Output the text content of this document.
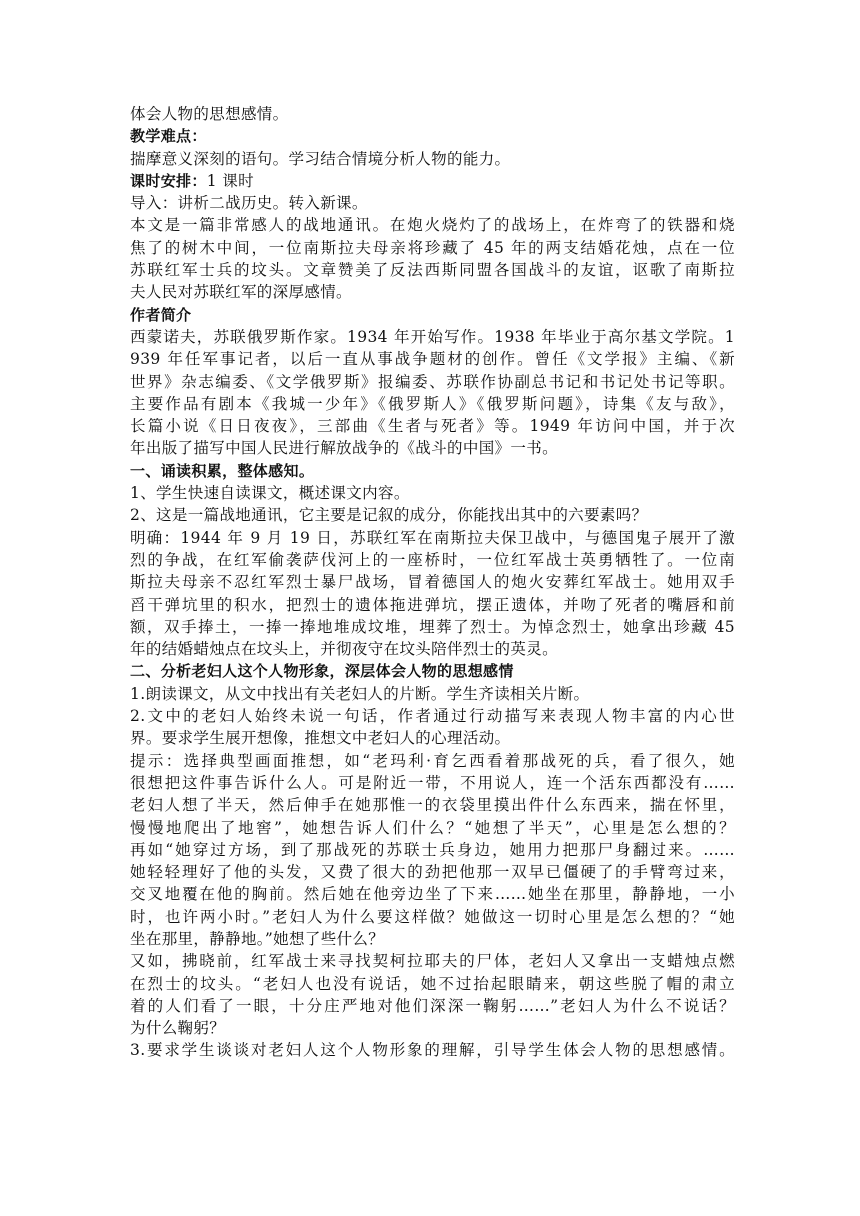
体会人物的思想感情。
教学难点：
揣摩意义深刻的语句。学习结合情境分析人物的能力。
课时安排：1 课时
导入：讲析二战历史。转入新课。
本文是一篇非常感人的战地通讯。在炮火烧灼了的战场上，在炸弯了的铁器和烧
焦了的树木中间，一位南斯拉夫母亲将珍藏了 45 年的两支结婚花烛，点在一位
苏联红军士兵的坟头。文章赞美了反法西斯同盟各国战斗的友谊，讴歌了南斯拉
夫人民对苏联红军的深厚感情。
作者简介
西蒙诺夫，苏联俄罗斯作家。1934 年开始写作。1938 年毕业于高尔基文学院。1
939 年任军事记者，以后一直从事战争题材的创作。曾任《文学报》主编、《新
世界》杂志编委、《文学俄罗斯》报编委、苏联作协副总书记和书记处书记等职。
主要作品有剧本《我城一少年》《俄罗斯人》《俄罗斯问题》，诗集《友与敌》，
长篇小说《日日夜夜》，三部曲《生者与死者》等。1949 年访问中国，并于次
年出版了描写中国人民进行解放战争的《战斗的中国》一书。
一、诵读积累，整体感知。
1、学生快速自读课文，概述课文内容。
2、这是一篇战地通讯，它主要是记叙的成分，你能找出其中的六要素吗？
明确：1944 年 9 月 19 日，苏联红军在南斯拉夫保卫战中，与德国鬼子展开了激
烈的争战，在红军偷袭萨伐河上的一座桥时，一位红军战士英勇牺牲了。一位南
斯拉夫母亲不忍红军烈士暴尸战场，冒着德国人的炮火安葬红军战士。她用双手
舀干弹坑里的积水，把烈士的遗体拖进弹坑，摆正遗体，并吻了死者的嘴唇和前
额，双手捧土，一捧一捧地堆成坟堆，埋葬了烈士。为悼念烈士，她拿出珍藏 45
年的结婚蜡烛点在坟头上，并彻夜守在坟头陪伴烈士的英灵。
二、分析老妇人这个人物形象，深层体会人物的思想感情
1.朗读课文，从文中找出有关老妇人的片断。学生齐读相关片断。
2.文中的老妇人始终未说一句话，作者通过行动描写来表现人物丰富的内心世
界。要求学生展开想像，推想文中老妇人的心理活动。
提示：选择典型画面推想，如“老玛利·育乞西看着那战死的兵，看了很久，她
很想把这件事告诉什么人。可是附近一带，不用说人，连一个活东西都没有……
老妇人想了半天，然后伸手在她那惟一的衣袋里摸出件什么东西来，揣在怀里，
慢慢地爬出了地窖”，她想告诉人们什么？“她想了半天”，心里是怎么想的？
再如“她穿过方场，到了那战死的苏联士兵身边，她用力把那尸身翻过来。……
她轻轻理好了他的头发，又费了很大的劲把他那一双早已僵硬了的手臂弯过来，
交叉地覆在他的胸前。然后她在他旁边坐了下来……她坐在那里，静静地，一小
时，也许两小时。”老妇人为什么要这样做？她做这一切时心里是怎么想的？“她
坐在那里，静静地。”她想了些什么？
又如，拂晓前，红军战士来寻找契柯拉耶夫的尸体，老妇人又拿出一支蜡烛点燃
在烈士的坟头。“老妇人也没有说话，她不过抬起眼睛来，朝这些脱了帽的肃立
着的人们看了一眼，十分庄严地对他们深深一鞠躬……”老妇人为什么不说话？
为什么鞠躬？
3.要求学生谈谈对老妇人这个人物形象的理解，引导学生体会人物的思想感情。
